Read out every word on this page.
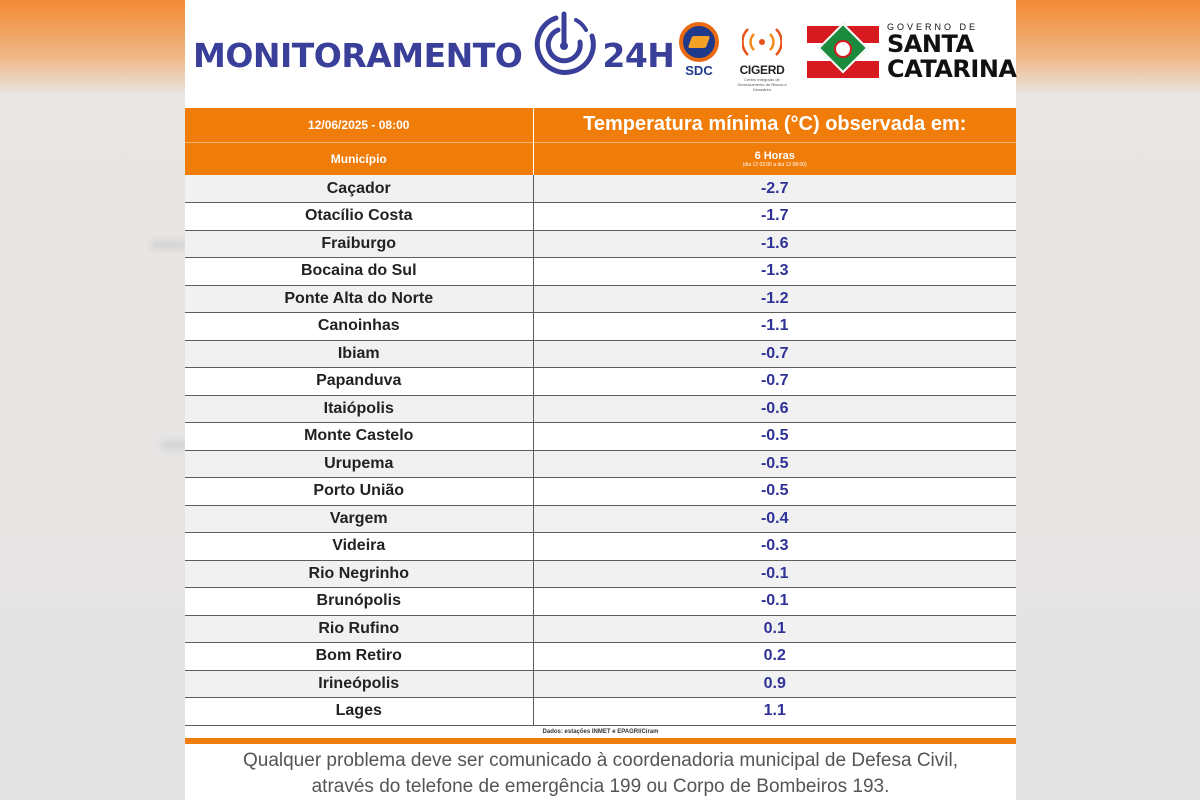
MONITORAMENTO 24H SDC	CIGERD
Centro Integrado de Gerenciamento de Riscos e Desastres
GOVERNO DE
SANTA
CATARINA
12/06/2025 - 08:00	Temperatura mínima (°C) observada em:
Município	6 Horas
(dia 12 02:00 a dia 12 08:00)

Caçador	-2.7
Otacílio Costa	-1.7
Fraiburgo	-1.6
Bocaina do Sul	-1.3
Ponte Alta do Norte	-1.2
Canoinhas	-1.1
Ibiam	-0.7
Papanduva	-0.7
Itaiópolis	-0.6
Monte Castelo	-0.5
Urupema	-0.5
Porto União	-0.5
Vargem	-0.4
Videira	-0.3
Rio Negrinho	-0.1
Brunópolis	-0.1
Rio Rufino	0.1
Bom Retiro	0.2
Irineópolis	0.9
Lages	1.1
Dados: estações INMET e EPAGRI/Ciram	

Qualquer problema deve ser comunicado à coordenadoria municipal de Defesa Civil,

através do telefone de emergência 199 ou Corpo de Bombeiros 193.
